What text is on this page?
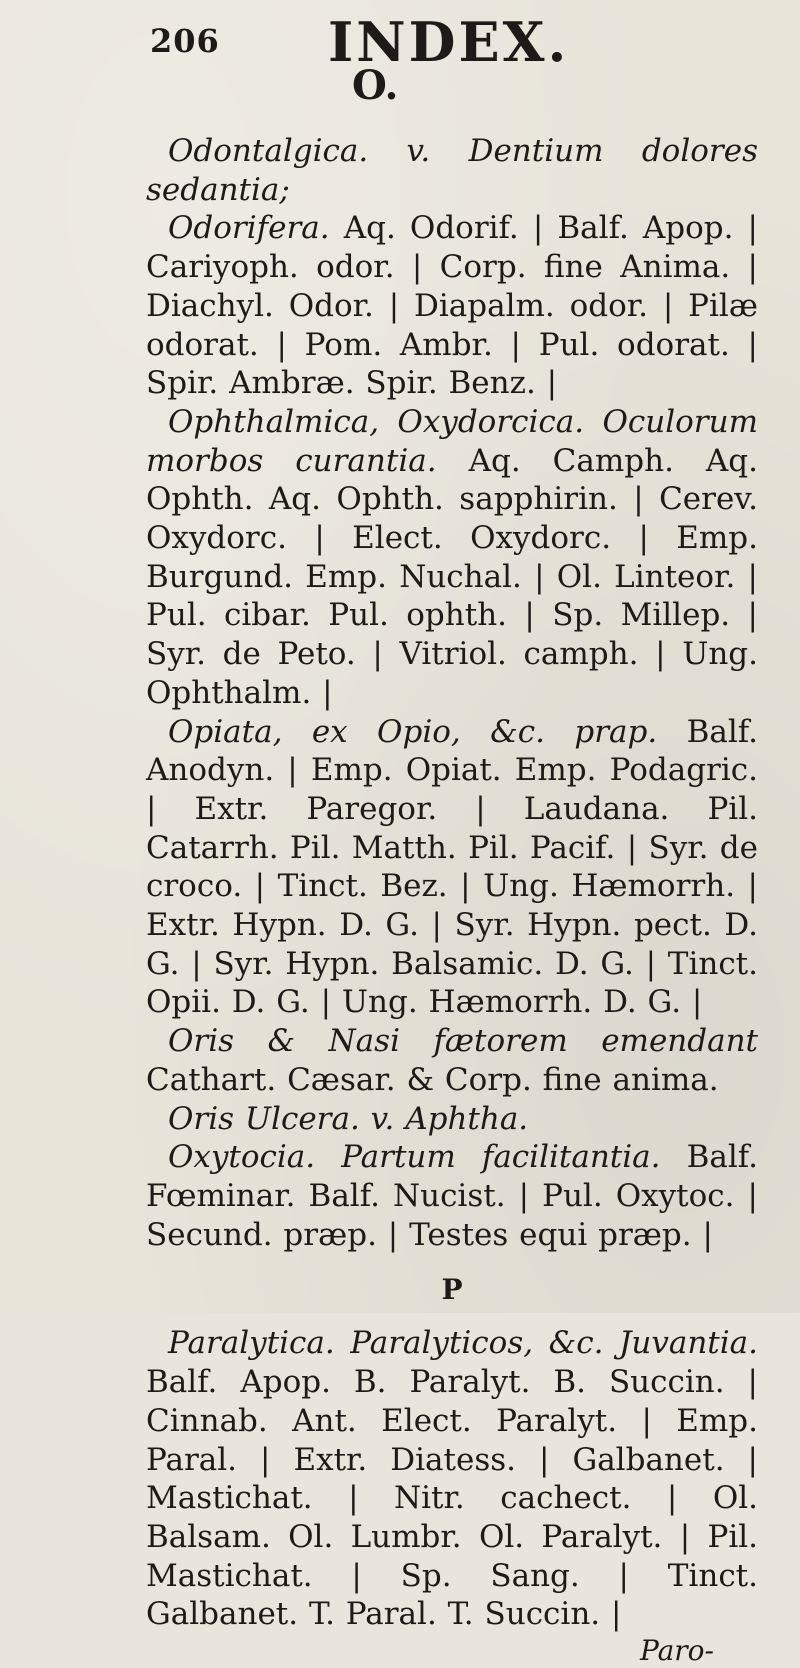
206 INDEX.
O.

Odontalgica. v. Dentium dolores sedantia;

Odorifera. Aq. Odorif. | Balf. Apop. | Cariyoph. odor. | Corp. fine Anima. | Diachyl. Odor. | Diapalm. odor. | Pilæ odorat. | Pom. Ambr. | Pul. odorat. | Spir. Ambræ. Spir. Benz. |

Ophthalmica, Oxydorcica. Oculorum morbos curantia. Aq. Camph. Aq. Ophth. Aq. Ophth. sapphirin. | Cerev. Oxydorc. | Elect. Oxydorc. | Emp. Burgund. Emp. Nuchal. | Ol. Linteor. | Pul. cibar. Pul. ophth. | Sp. Millep. | Syr. de Peto. | Vitriol. camph. | Ung. Ophthalm. |

Opiata, ex Opio, &c. prap. Balf. Anodyn. | Emp. Opiat. Emp. Podagric. | Extr. Paregor. | Laudana. Pil. Catarrh. Pil. Matth. Pil. Pacif. | Syr. de croco. | Tinct. Bez. | Ung. Hæmorrh. | Extr. Hypn. D. G. | Syr. Hypn. pect. D. G. | Syr. Hypn. Balsamic. D. G. | Tinct. Opii. D. G. | Ung. Hæmorrh. D. G. |

Oris & Nasi fætorem emendant Cathart. Cæsar. & Corp. fine anima.

Oris Ulcera. v. Aphtha.

Oxytocia. Partum facilitantia. Balf. Fœminar. Balf. Nucist. | Pul. Oxytoc. | Secund. præp. | Testes equi præp. |

P

Paralytica. Paralyticos, &c. Juvantia. Balf. Apop. B. Paralyt. B. Succin. | Cinnab. Ant. Elect. Paralyt. | Emp. Paral. | Extr. Diatess. | Galbanet. | Mastichat. | Nitr. cachect. | Ol. Balsam. Ol. Lumbr. Ol. Paralyt. | Pil. Mastichat. | Sp. Sang. | Tinct. Galbanet. T. Paral. T. Succin. |

Paro-
